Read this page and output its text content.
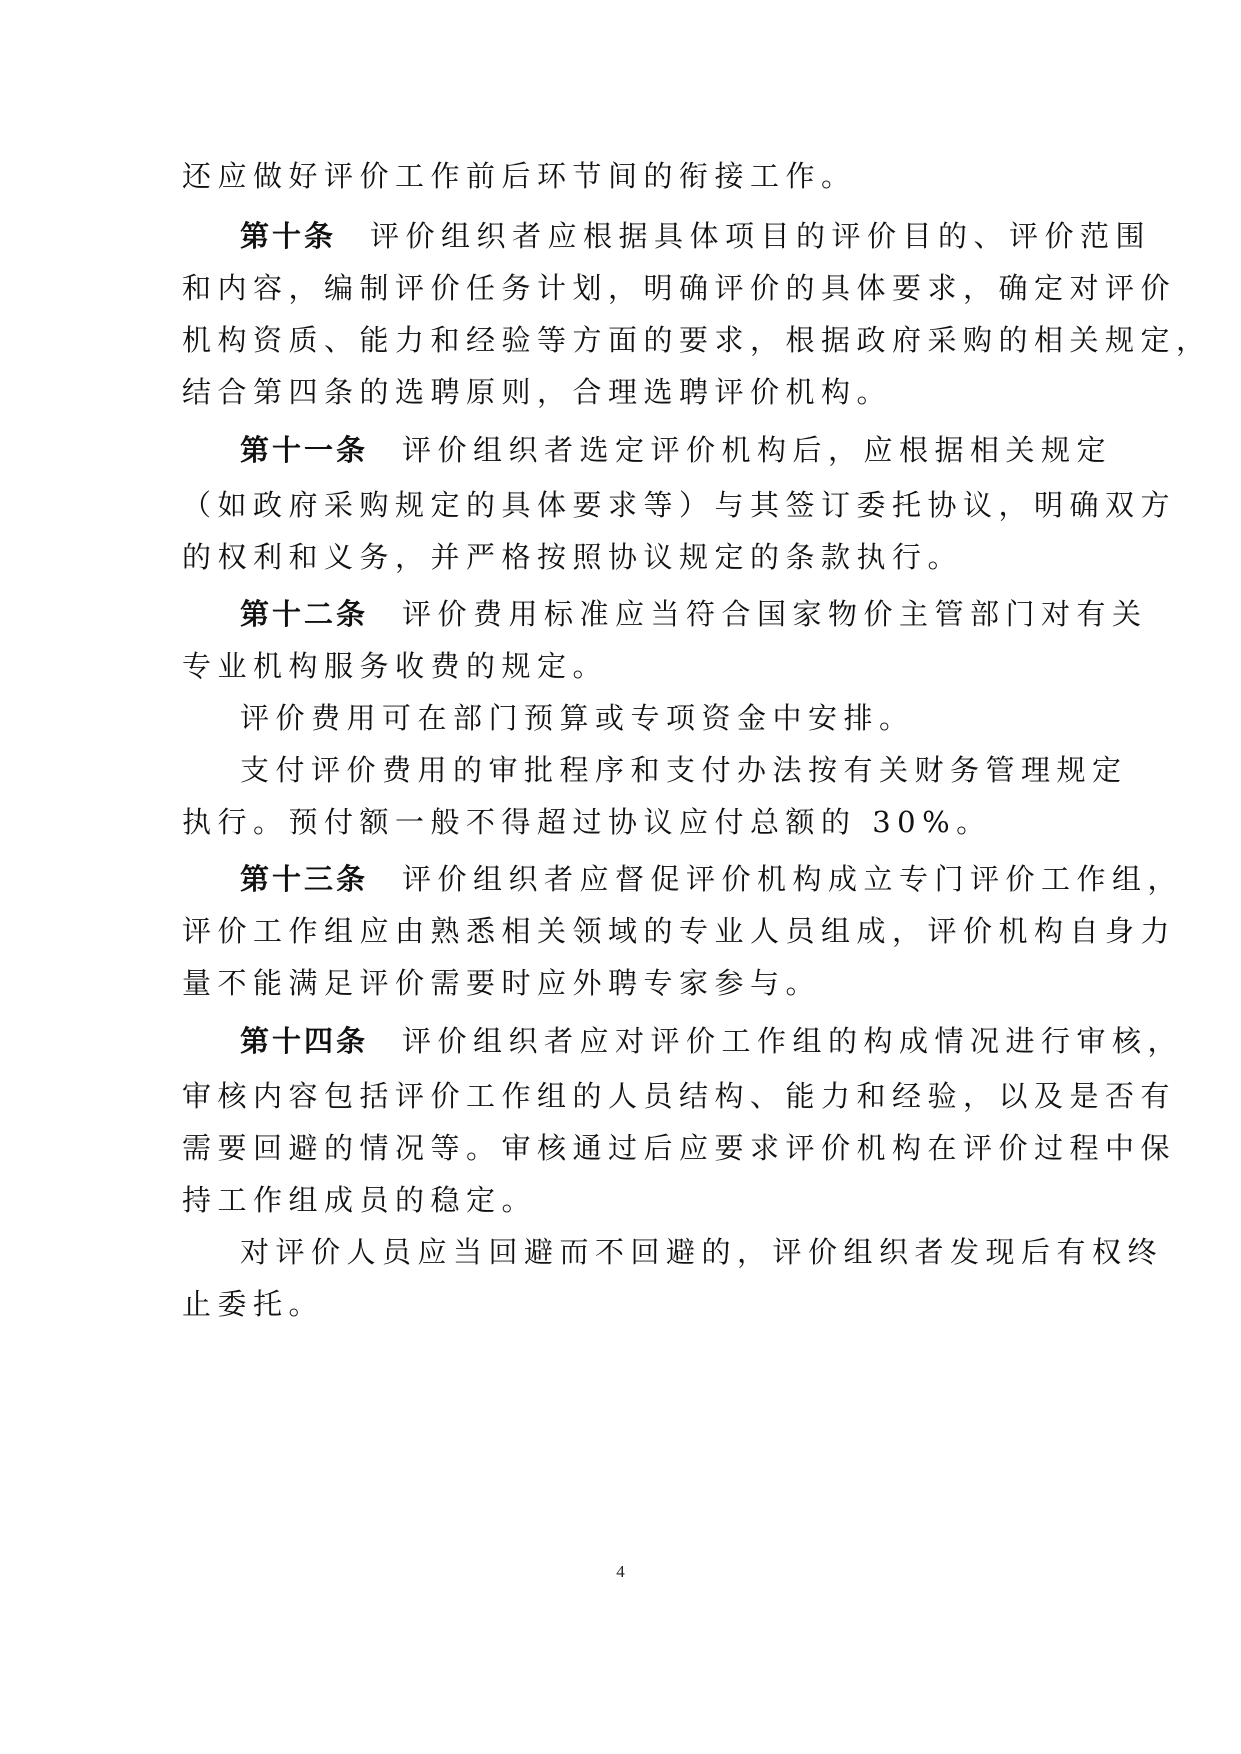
还应做好评价工作前后环节间的衔接工作。
第十条 评价组织者应根据具体项目的评价目的、评价范围
和内容，编制评价任务计划，明确评价的具体要求，确定对评价
机构资质、能力和经验等方面的要求，根据政府采购的相关规定，
结合第四条的选聘原则，合理选聘评价机构。
第十一条 评价组织者选定评价机构后，应根据相关规定
（如政府采购规定的具体要求等）与其签订委托协议，明确双方
的权利和义务，并严格按照协议规定的条款执行。
第十二条 评价费用标准应当符合国家物价主管部门对有关
专业机构服务收费的规定。
评价费用可在部门预算或专项资金中安排。
支付评价费用的审批程序和支付办法按有关财务管理规定
执行。预付额一般不得超过协议应付总额的 30%。
第十三条 评价组织者应督促评价机构成立专门评价工作组，
评价工作组应由熟悉相关领域的专业人员组成，评价机构自身力
量不能满足评价需要时应外聘专家参与。
第十四条 评价组织者应对评价工作组的构成情况进行审核，
审核内容包括评价工作组的人员结构、能力和经验，以及是否有
需要回避的情况等。审核通过后应要求评价机构在评价过程中保
持工作组成员的稳定。
对评价人员应当回避而不回避的，评价组织者发现后有权终
止委托。
4
